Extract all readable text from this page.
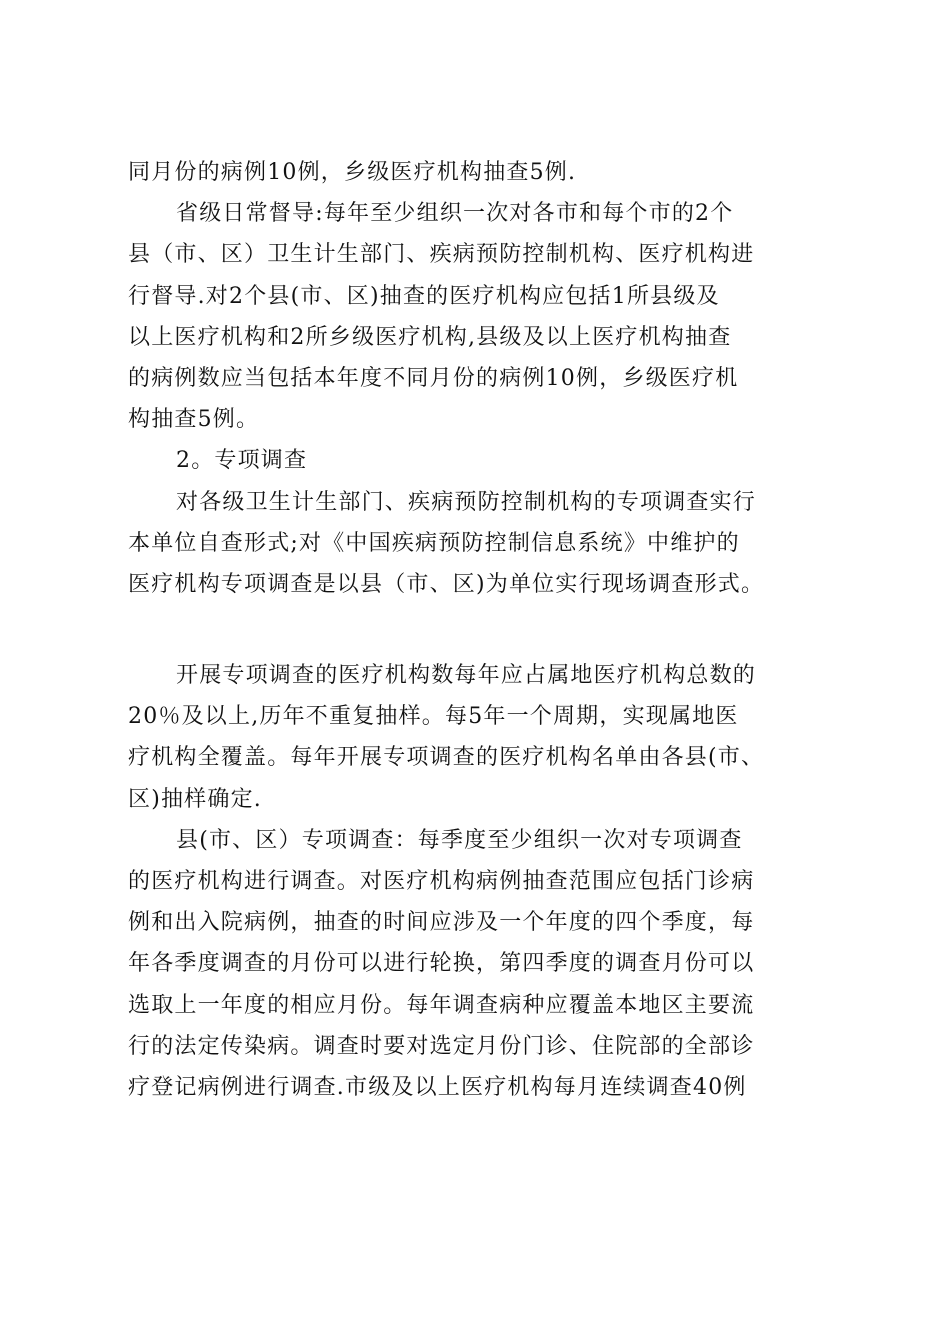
同月份的病例10例，乡级医疗机构抽查5例.
省级日常督导:每年至少组织一次对各市和每个市的2个
县（市、区）卫生计生部门、疾病预防控制机构、医疗机构进
行督导.对2个县(市、区)抽查的医疗机构应包括1所县级及
以上医疗机构和2所乡级医疗机构,县级及以上医疗机构抽查
的病例数应当包括本年度不同月份的病例10例，乡级医疗机
构抽查5例。
2。专项调查
对各级卫生计生部门、疾病预防控制机构的专项调查实行
本单位自查形式;对《中国疾病预防控制信息系统》中维护的
医疗机构专项调查是以县（市、区)为单位实行现场调查形式。
开展专项调查的医疗机构数每年应占属地医疗机构总数的
20％及以上,历年不重复抽样。每5年一个周期，实现属地医
疗机构全覆盖。每年开展专项调查的医疗机构名单由各县(市、
区)抽样确定.
县(市、区）专项调查：每季度至少组织一次对专项调查
的医疗机构进行调查。对医疗机构病例抽查范围应包括门诊病
例和出入院病例，抽查的时间应涉及一个年度的四个季度，每
年各季度调查的月份可以进行轮换，第四季度的调查月份可以
选取上一年度的相应月份。每年调查病种应覆盖本地区主要流
行的法定传染病。调查时要对选定月份门诊、住院部的全部诊
疗登记病例进行调查.市级及以上医疗机构每月连续调查40例
